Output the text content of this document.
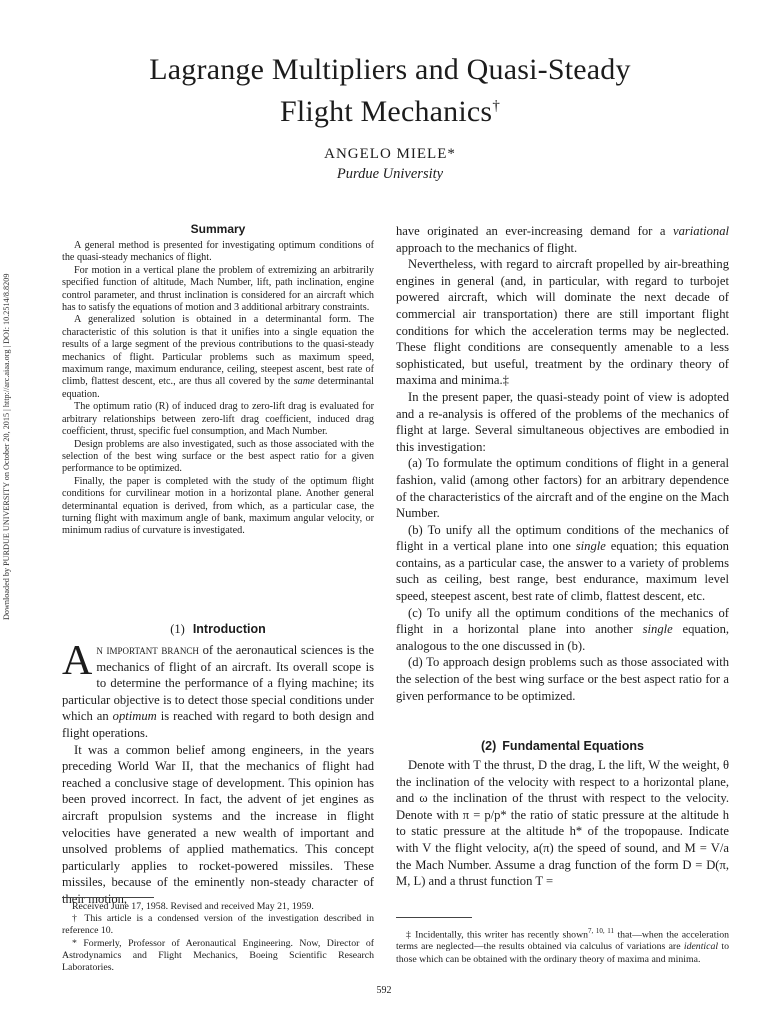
Downloaded by PURDUE UNIVERSITY on October 20, 2015 | http://arc.aiaa.org | DOI: 10.2514/8.8209
Lagrange Multipliers and Quasi-Steady
Flight Mechanics†
ANGELO MIELE*
Purdue University
Summary

A general method is presented for investigating optimum conditions of the quasi-steady mechanics of flight.

For motion in a vertical plane the problem of extremizing an arbitrarily specified function of altitude, Mach Number, lift, path inclination, engine control parameter, and thrust inclination is considered for an aircraft which has to satisfy the equations of motion and 3 additional arbitrary constraints.

A generalized solution is obtained in a determinantal form. The characteristic of this solution is that it unifies into a single equation the results of a large segment of the previous contributions to the quasi-steady mechanics of flight. Particular problems such as maximum speed, maximum range, maximum endurance, ceiling, steepest ascent, best rate of climb, flattest descent, etc., are thus all covered by the same determinantal equation.

The optimum ratio (R) of induced drag to zero-lift drag is evaluated for arbitrary relationships between zero-lift drag coefficient, induced drag coefficient, thrust, specific fuel consumption, and Mach Number.

Design problems are also investigated, such as those associated with the selection of the best wing surface or the best aspect ratio for a given performance to be optimized.

Finally, the paper is completed with the study of the optimum flight conditions for curvilinear motion in a horizontal plane. Another general determinantal equation is derived, from which, as a particular case, the turning flight with maximum angle of bank, maximum angular velocity, or minimum radius of curvature is investigated.

(1) Introduction

An important branch of the aeronautical sciences is the mechanics of flight of an aircraft. Its overall scope is to determine the performance of a flying machine; its particular objective is to detect those special conditions under which an optimum is reached with regard to both design and flight operations.

It was a common belief among engineers, in the years preceding World War II, that the mechanics of flight had reached a conclusive stage of development. This opinion has been proved incorrect. In fact, the advent of jet engines as aircraft propulsion systems and the increase in flight velocities have generated a new wealth of important and unsolved problems of applied mathematics. This concept particularly applies to rocket-powered missiles. These missiles, because of the eminently non-steady character of their motion,

have originated an ever-increasing demand for a variational approach to the mechanics of flight.

Nevertheless, with regard to aircraft propelled by air-breathing engines in general (and, in particular, with regard to turbojet powered aircraft, which will dominate the next decade of commercial air transportation) there are still important flight conditions for which the acceleration terms may be neglected. These flight conditions are consequently amenable to a less sophisticated, but useful, treatment by the ordinary theory of maxima and minima.‡

In the present paper, the quasi-steady point of view is adopted and a re-analysis is offered of the problems of the mechanics of flight at large. Several simultaneous objectives are embodied in this investigation:

(a) To formulate the optimum conditions of flight in a general fashion, valid (among other factors) for an arbitrary dependence of the characteristics of the aircraft and of the engine on the Mach Number.

(b) To unify all the optimum conditions of the mechanics of flight in a vertical plane into one single equation; this equation contains, as a particular case, the answer to a variety of problems such as ceiling, best range, best endurance, maximum level speed, steepest ascent, best rate of climb, flattest descent, etc.

(c) To unify all the optimum conditions of the mechanics of flight in a horizontal plane into another single equation, analogous to the one discussed in (b).

(d) To approach design problems such as those associated with the selection of the best wing surface or the best aspect ratio for a given performance to be optimized.

(2) Fundamental Equations

Denote with T the thrust, D the drag, L the lift, W the weight, θ the inclination of the velocity with respect to a horizontal plane, and ω the inclination of the thrust with respect to the velocity. Denote with π = p/p* the ratio of static pressure at the altitude h to static pressure at the altitude h* of the tropopause. Indicate with V the flight velocity, a(π) the speed of sound, and M = V/a the Mach Number. Assume a drag function of the form D = D(π, M, L) and a thrust function T =

Received June 17, 1958. Revised and received May 21, 1959.

† This article is a condensed version of the investigation described in reference 10.

* Formerly, Professor of Aeronautical Engineering. Now, Director of Astrodynamics and Flight Mechanics, Boeing Scientific Research Laboratories.

‡ Incidentally, this writer has recently shown$^{7, 10, 11}$ that—when the acceleration terms are neglected—the results obtained via calculus of variations are identical to those which can be obtained with the ordinary theory of maxima and minima.

592
